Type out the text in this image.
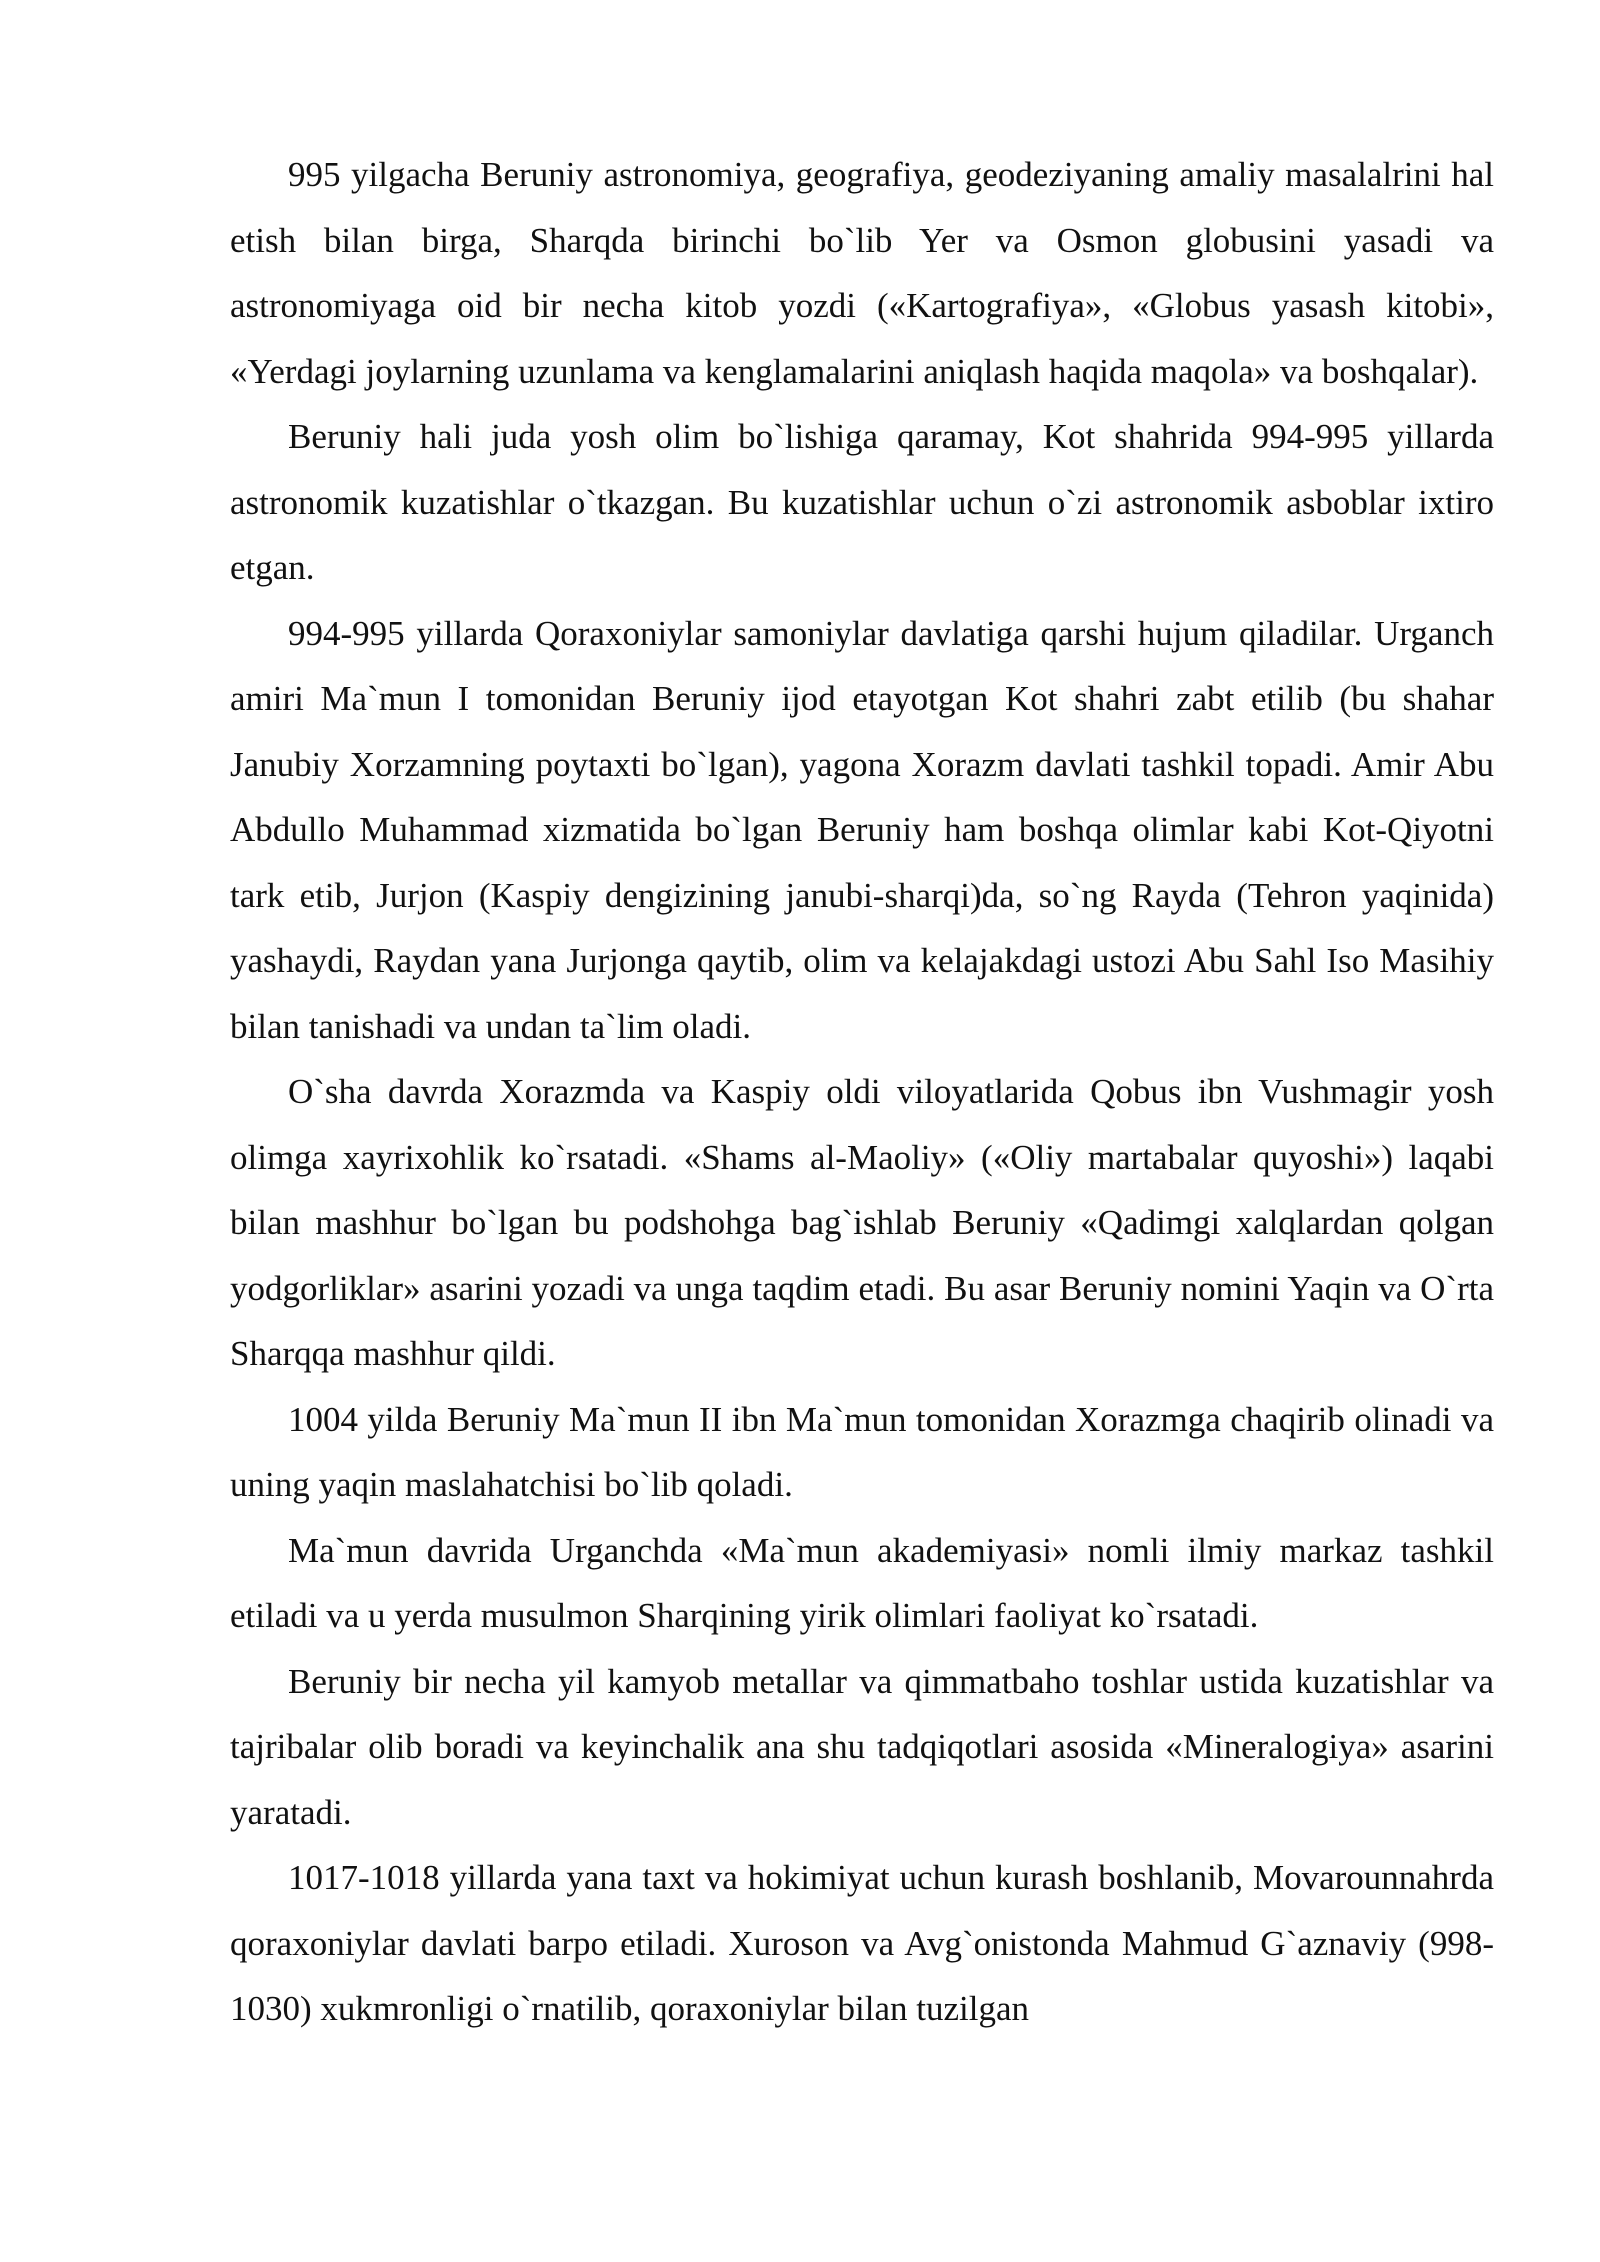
995 yilgacha Beruniy astronomiya, geografiya, geodeziyaning amaliy masalalrini hal etish bilan birga, Sharqda birinchi bo`lib Yer va Osmon globusini yasadi va astronomiyaga oid bir necha kitob yozdi («Kartografiya», «Globus yasash kitobi», «Yerdagi joylarning uzunlama va kenglamalarini aniqlash haqida maqola» va boshqalar).

Beruniy hali juda yosh olim bo`lishiga qaramay, Kot shahrida 994-995 yillarda astronomik kuzatishlar o`tkazgan. Bu kuzatishlar uchun o`zi astronomik asboblar ixtiro etgan.

994-995 yillarda Qoraxoniylar samoniylar davlatiga qarshi hujum qiladilar. Urganch amiri Ma`mun I tomonidan Beruniy ijod etayotgan Kot shahri zabt etilib (bu shahar Janubiy Xorzamning poytaxti bo`lgan), yagona Xorazm davlati tashkil topadi. Amir Abu Abdullo Muhammad xizmatida bo`lgan Beruniy ham boshqa olimlar kabi Kot-Qiyotni tark etib, Jurjon (Kaspiy dengizining janubi-sharqi)da, so`ng Rayda (Tehron yaqinida) yashaydi, Raydan yana Jurjonga qaytib, olim va kelajakdagi ustozi Abu Sahl Iso Masihiy bilan tanishadi va undan ta`lim oladi.

O`sha davrda Xorazmda va Kaspiy oldi viloyatlarida Qobus ibn Vushmagir yosh olimga xayrixohlik ko`rsatadi. «Shams al-Maoliy» («Oliy martabalar quyoshi») laqabi bilan mashhur bo`lgan bu podshohga bag`ishlab Beruniy «Qadimgi xalqlardan qolgan yodgorliklar» asarini yozadi va unga taqdim etadi. Bu asar Beruniy nomini Yaqin va O`rta Sharqqa mashhur qildi.

1004 yilda Beruniy Ma`mun II ibn Ma`mun tomonidan Xorazmga chaqirib olinadi va uning yaqin maslahatchisi bo`lib qoladi.

Ma`mun davrida Urganchda «Ma`mun akademiyasi» nomli ilmiy markaz tashkil etiladi va u yerda musulmon Sharqining yirik olimlari faoliyat ko`rsatadi.

Beruniy bir necha yil kamyob metallar va qimmatbaho toshlar ustida kuzatishlar va tajribalar olib boradi va keyinchalik ana shu tadqiqotlari asosida «Mineralogiya» asarini yaratadi.

1017-1018 yillarda yana taxt va hokimiyat uchun kurash boshlanib, Movarounnahrda qoraxoniylar davlati barpo etiladi. Xuroson va Avg`onistonda Mahmud G`aznaviy (998-1030) xukmronligi o`rnatilib, qoraxoniylar bilan tuzilgan
